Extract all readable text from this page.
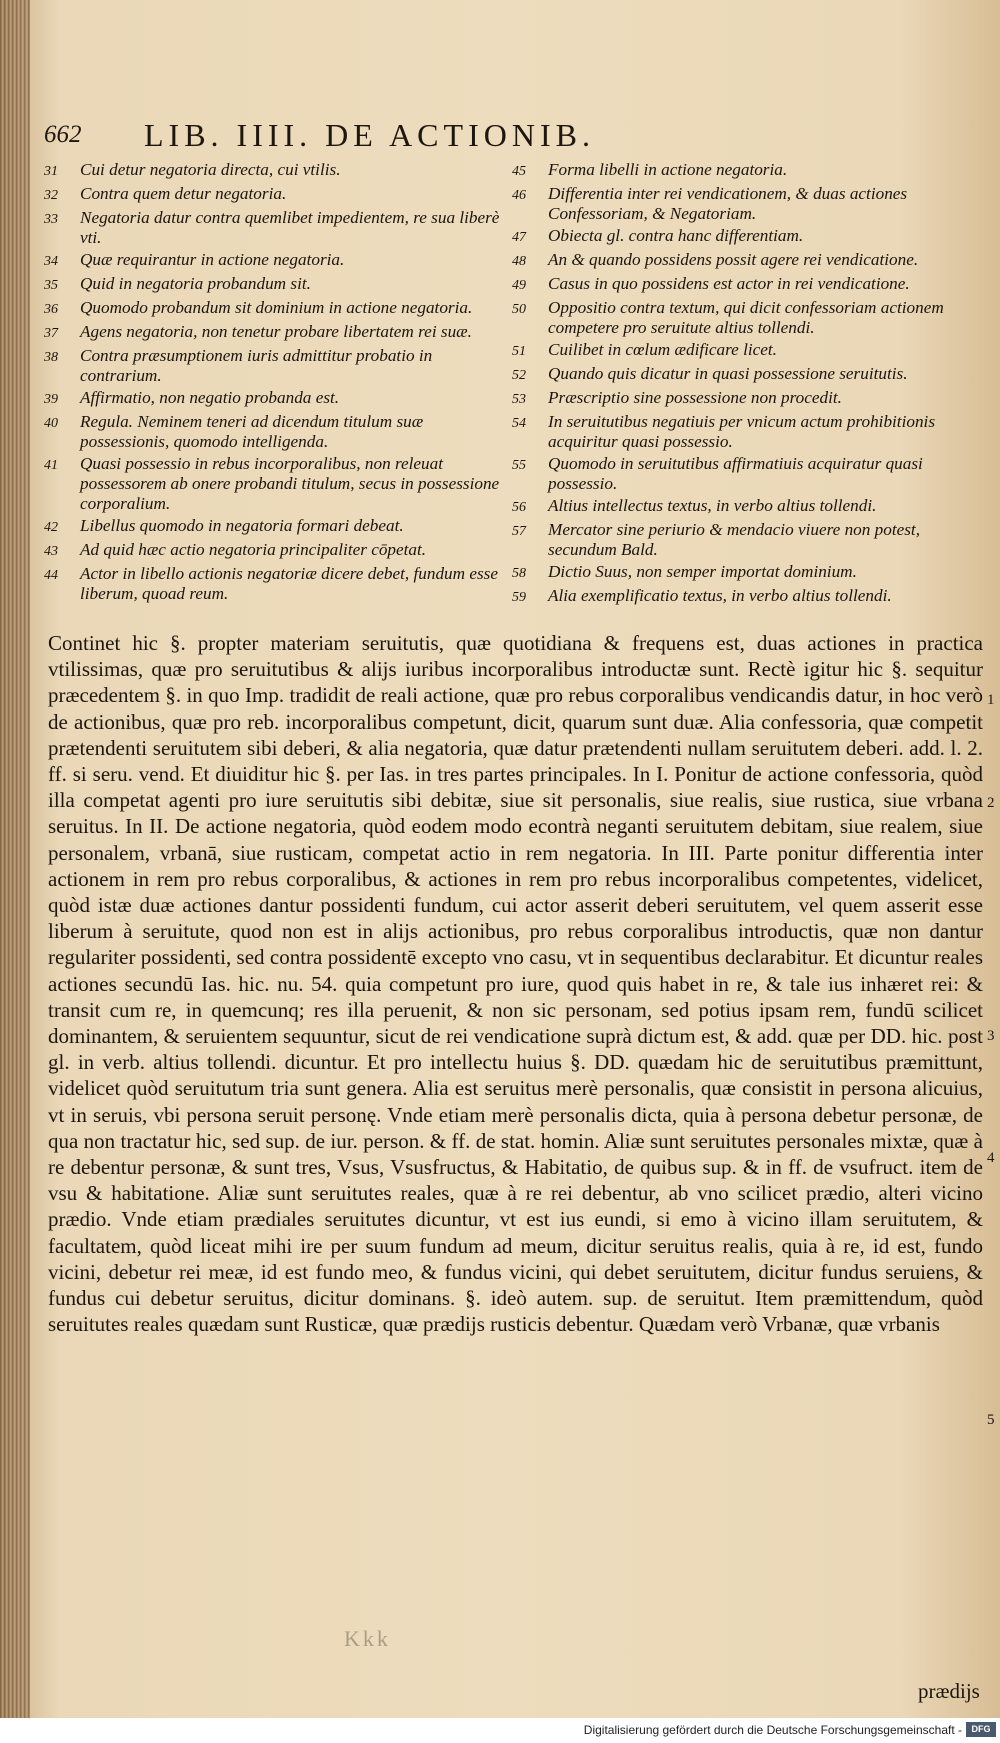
662 LIB. IIII. DE ACTIONIB.
31	Cui detur negatoria directa, cui vtilis.
32	Contra quem detur negatoria.
33	Negatoria datur contra quemlibet impedientem, re sua liberè vti.
34	Quæ requirantur in actione negatoria.
35	Quid in negatoria probandum sit.
36	Quomodo probandum sit dominium in actione negatoria.
37	Agens negatoria, non tenetur probare libertatem rei suæ.
38	Contra præsumptionem iuris admittitur probatio in contrarium.
39	Affirmatio, non negatio probanda est.
40	Regula. Neminem teneri ad dicendum titulum suæ possessionis, quomodo intelligenda.
41	Quasi possessio in rebus incorporalibus, non releuat possessorem ab onere probandi titulum, secus in possessione corporalium.
42	Libellus quomodo in negatoria formari debeat.
43	Ad quid hæc actio negatoria principaliter cōpetat.
44	Actor in libello actionis negatoriæ dicere debet, fundum esse liberum, quoad reum.
45	Forma libelli in actione negatoria.
46	Differentia inter rei vendicationem, & duas actiones Confessoriam, & Negatoriam.
47	Obiecta gl. contra hanc differentiam.
48	An & quando possidens possit agere rei vendicatione.
49	Casus in quo possidens est actor in rei vendicatione.
50	Oppositio contra textum, qui dicit confessoriam actionem competere pro seruitute altius tollendi.
51	Cuilibet in cœlum ædificare licet.
52	Quando quis dicatur in quasi possessione seruitutis.
53	Præscriptio sine possessione non procedit.
54	In seruitutibus negatiuis per vnicum actum prohibitionis acquiritur quasi possessio.
55	Quomodo in seruitutibus affirmatiuis acquiratur quasi possessio.
56	Altius intellectus textus, in verbo altius tollendi.
57	Mercator sine periurio & mendacio viuere non potest, secundum Bald.
58	Dictio Suus, non semper importat dominium.
59	Alia exemplificatio textus, in verbo altius tollendi.

Continet hic §. propter materiam seruitutis, quæ quotidiana & frequens est, duas actiones in practica vtilissimas, quæ pro seruitutibus & alijs iuribus incorporalibus introductæ sunt. Rectè igitur hic §. sequitur præcedentem §. in quo Imp. tradidit de reali actione, quæ pro rebus corporalibus vendicandis datur, in hoc verò de actionibus, quæ pro reb. incorporalibus competunt, dicit, quarum sunt duæ. Alia confessoria, quæ competit prætendenti seruitutem sibi deberi, & alia negatoria, quæ datur prætendenti nullam seruitutem deberi. add. l. 2. ff. si seru. vend. Et diuiditur hic §. per Ias. in tres partes principales. In I. Ponitur de actione confessoria, quòd illa competat agenti pro iure seruitutis sibi debitæ, siue sit personalis, siue realis, siue rustica, siue vrbana seruitus. In II. De actione negatoria, quòd eodem modo econtrà neganti seruitutem debitam, siue realem, siue personalem, vrbanā, siue rusticam, competat actio in rem negatoria. In III. Parte ponitur differentia inter actionem in rem pro rebus corporalibus, & actiones in rem pro rebus incorporalibus competentes, videlicet, quòd istæ duæ actiones dantur possidenti fundum, cui actor asserit deberi seruitutem, vel quem asserit esse liberum à seruitute, quod non est in alijs actionibus, pro rebus corporalibus introductis, quæ non dantur regulariter possidenti, sed contra possidentē excepto vno casu, vt in sequentibus declarabitur. Et dicuntur reales actiones secundū Ias. hic. nu. 54. quia competunt pro iure, quod quis habet in re, & tale ius inhæret rei: & transit cum re, in quemcunq; res illa peruenit, & non sic personam, sed potius ipsam rem, fundū scilicet dominantem, & seruientem sequuntur, sicut de rei vendicatione suprà dictum est, & add. quæ per DD. hic. post gl. in verb. altius tollendi. dicuntur. Et pro intellectu huius §. DD. quædam hic de seruitutibus præmittunt, videlicet quòd seruitutum tria sunt genera. Alia est seruitus merè personalis, quæ consistit in persona alicuius, vt in seruis, vbi persona seruit personę. Vnde etiam merè personalis dicta, quia à persona debetur personæ, de qua non tractatur hic, sed sup. de iur. person. & ff. de stat. homin. Aliæ sunt seruitutes personales mixtæ, quæ à re debentur personæ, & sunt tres, Vsus, Vsusfructus, & Habitatio, de quibus sup. & in ff. de vsufruct. item de vsu & habitatione. Aliæ sunt seruitutes reales, quæ à re rei debentur, ab vno scilicet prædio, alteri vicino prædio. Vnde etiam prædiales seruitutes dicuntur, vt est ius eundi, si emo à vicino illam seruitutem, & facultatem, quòd liceat mihi ire per suum fundum ad meum, dicitur seruitus realis, quia à re, id est, fundo vicini, debetur rei meæ, id est fundo meo, & fundus vicini, qui debet seruitutem, dicitur fundus seruiens, & fundus cui debetur seruitus, dicitur dominans. §. ideò autem. sup. de seruitut. Item præmittendum, quòd seruitutes reales quædam sunt Rusticæ, quæ prædijs rusticis debentur. Quædam verò Vrbanæ, quæ vrbanis

1
2
3
4
5
Kkk
prædijs
Digitalisierung gefördert durch die Deutsche Forschungsgemeinschaft -	DFG
